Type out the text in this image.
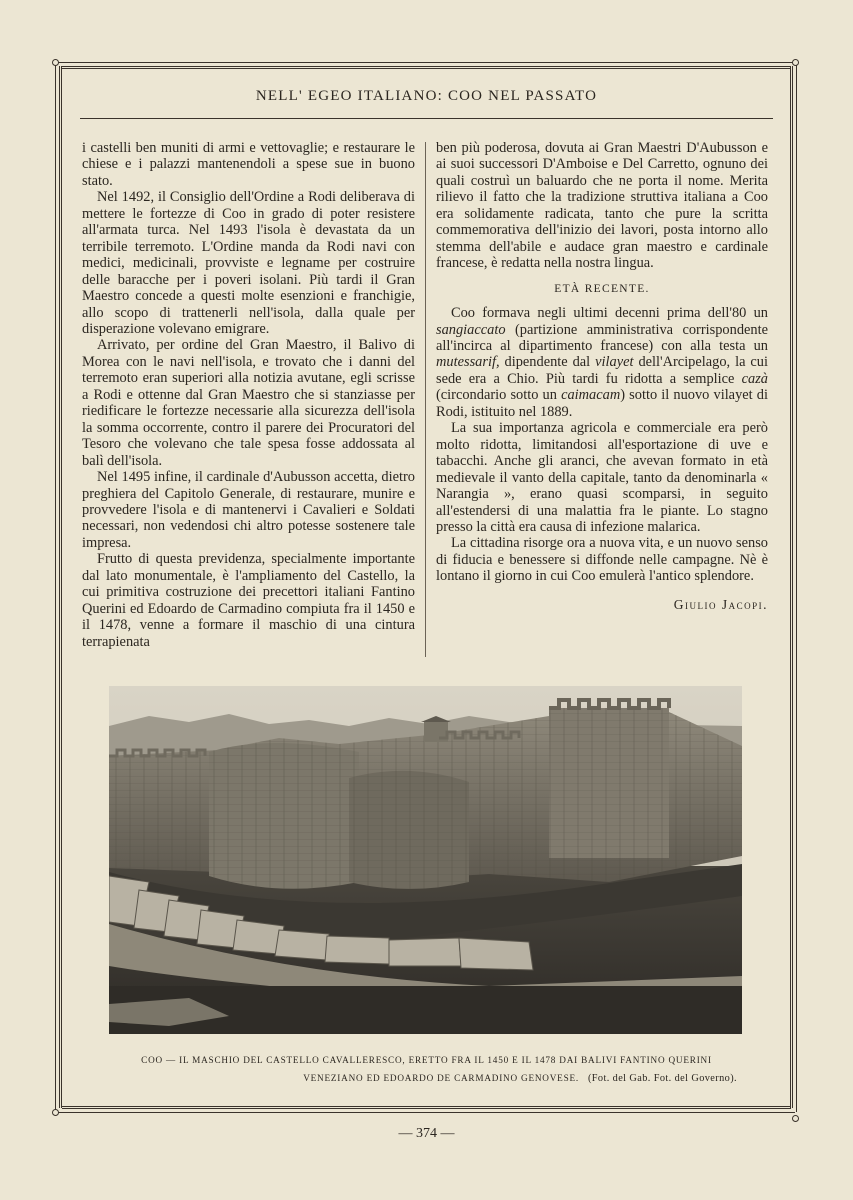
NELL' EGEO ITALIANO: COO NEL PASSATO

i castelli ben muniti di armi e vettovaglie; e restaurare le chiese e i palazzi mantenendoli a spese sue in buono stato.

Nel 1492, il Consiglio dell'Ordine a Rodi deliberava di mettere le fortezze di Coo in grado di poter resistere all'armata turca. Nel 1493 l'isola è devastata da un terribile terremoto. L'Ordine manda da Rodi navi con medici, medicinali, provviste e legname per costruire delle baracche per i poveri isolani. Più tardi il Gran Maestro concede a questi molte esenzioni e franchigie, allo scopo di trattenerli nell'isola, dalla quale per disperazione volevano emigrare.

Arrivato, per ordine del Gran Maestro, il Balivo di Morea con le navi nell'isola, e trovato che i danni del terremoto eran superiori alla notizia avutane, egli scrisse a Rodi e ottenne dal Gran Maestro che si stanziasse per riedificare le fortezze necessarie alla sicurezza dell'isola la somma occorrente, contro il parere dei Procuratori del Tesoro che volevano che tale spesa fosse addossata al balì dell'isola.

Nel 1495 infine, il cardinale d'Aubusson accetta, dietro preghiera del Capitolo Generale, di restaurare, munire e provvedere l'isola e di mantenervi i Cavalieri e Soldati necessari, non vedendosi chi altro potesse sostenere tale impresa.

Frutto di questa previdenza, specialmente importante dal lato monumentale, è l'ampliamento del Castello, la cui primitiva costruzione dei precettori italiani Fantino Querini ed Edoardo de Carmadino compiuta fra il 1450 e il 1478, venne a formare il maschio di una cintura terrapienata

ben più poderosa, dovuta ai Gran Maestri D'Aubusson e ai suoi successori D'Amboise e Del Carretto, ognuno dei quali costruì un baluardo che ne porta il nome. Merita rilievo il fatto che la tradizione struttiva italiana a Coo era solidamente radicata, tanto che pure la scritta commemorativa dell'inizio dei lavori, posta intorno allo stemma dell'abile e audace gran maestro e cardinale francese, è redatta nella nostra lingua.

ETÀ RECENTE.

Coo formava negli ultimi decenni prima dell'80 un sangiaccato (partizione amministrativa corrispondente all'incirca al dipartimento francese) con alla testa un mutessarif, dipendente dal vilayet dell'Arcipelago, la cui sede era a Chio. Più tardi fu ridotta a semplice cazà (circondario sotto un caimacam) sotto il nuovo vilayet di Rodi, istituito nel 1889.

La sua importanza agricola e commerciale era però molto ridotta, limitandosi all'esportazione di uve e tabacchi. Anche gli aranci, che avevan formato in età medievale il vanto della capitale, tanto da denominarla « Narangia », erano quasi scomparsi, in seguito all'estendersi di una malattia fra le piante. Lo stagno presso la città era causa di infezione malarica.

La cittadina risorge ora a nuova vita, e un nuovo senso di fiducia e benessere si diffonde nelle campagne. Nè è lontano il giorno in cui Coo emulerà l'antico splendore.

Giulio Jacopi.
COO — IL MASCHIO DEL CASTELLO CAVALLERESCO, ERETTO FRA IL 1450 E IL 1478 DAI BALIVI FANTINO QUERINI
VENEZIANO ED EDOARDO DE CARMADINO GENOVESE. (Fot. del Gab. Fot. del Governo).
— 374 —
